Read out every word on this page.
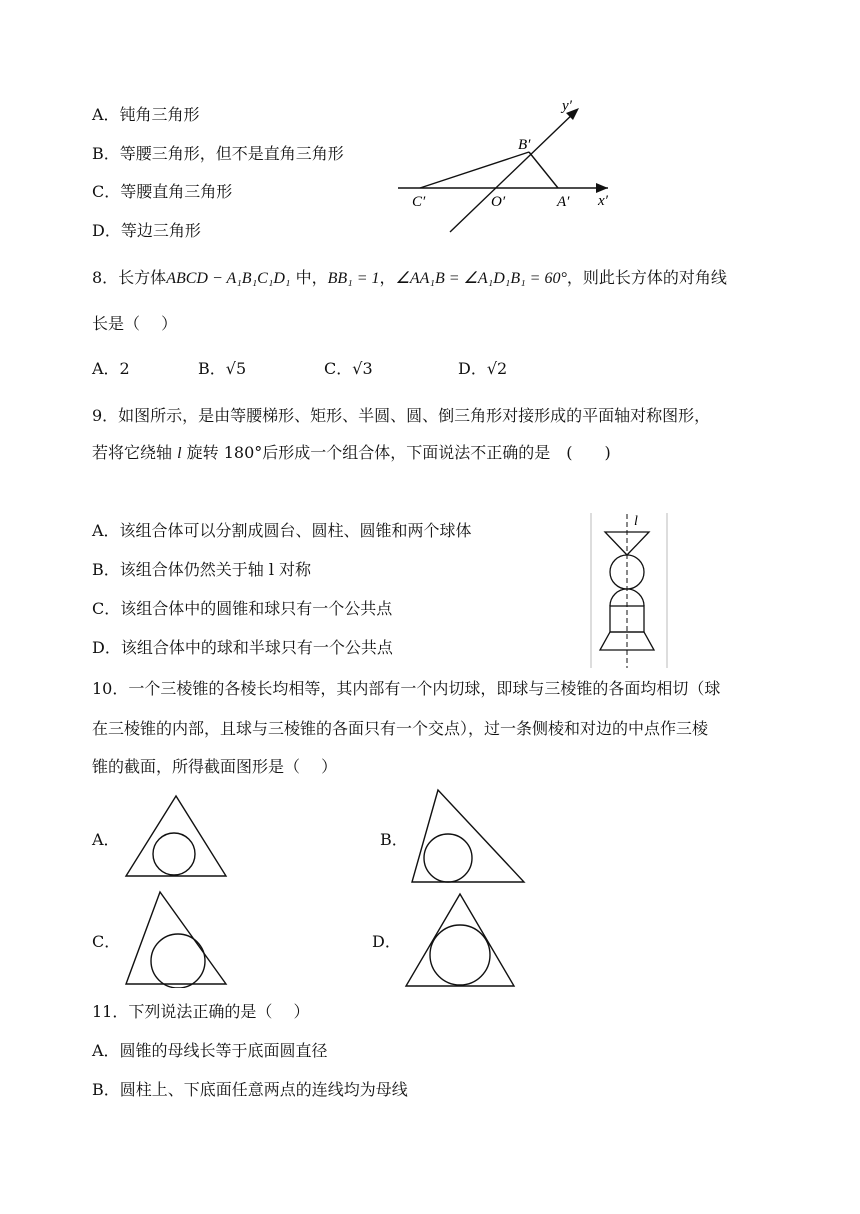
A．钝角三角形
B．等腰三角形，但不是直角三角形
C．等腰直角三角形
D．等边三角形
y′
x′
B′
C′	O′	A′
8．长方体ABCD − A₁B₁C₁D₁ 中，BB₁ = 1，∠AA₁B = ∠A₁D₁B₁ = 60°，则此长方体的对角线
长是（　 ）
A．2	B．√5	C．√3	D．√2
9．如图所示，是由等腰梯形、矩形、半圆、圆、倒三角形对接形成的平面轴对称图形，
若将它绕轴 l 旋转 180°后形成一个组合体，下面说法不正确的是　(　　)
A．该组合体可以分割成圆台、圆柱、圆锥和两个球体
B．该组合体仍然关于轴 l 对称
C．该组合体中的圆锥和球只有一个公共点
D．该组合体中的球和半球只有一个公共点
l
10．一个三棱锥的各棱长均相等，其内部有一个内切球，即球与三棱锥的各面均相切（球
在三棱锥的内部，且球与三棱锥的各面只有一个交点），过一条侧棱和对边的中点作三棱
锥的截面，所得截面图形是（　 ）
A．	B．
C．	D．
11．下列说法正确的是（　 ）
A．圆锥的母线长等于底面圆直径
B．圆柱上、下底面任意两点的连线均为母线
